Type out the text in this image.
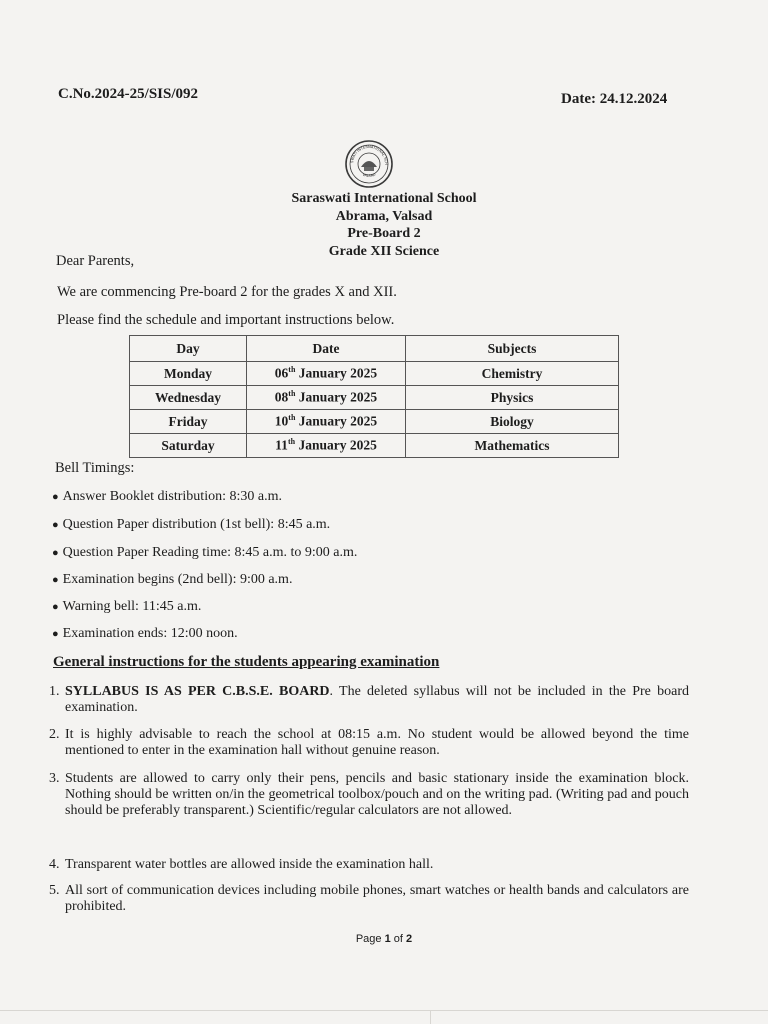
C.No.2024-25/SIS/092	Date: 24.12.2024
SWATI INTERNATIONAL SCH
VALSAD
Saraswati International School
Abrama, Valsad
Pre-Board 2
Grade XII Science
Dear Parents,
We are commencing Pre-board 2 for the grades X and XII.
Please find the schedule and important instructions below.
Day	Date	Subjects
Monday	06th January 2025	Chemistry
Wednesday	08th January 2025	Physics
Friday	10th January 2025	Biology
Saturday	11th January 2025	Mathematics
Bell Timings:
● Answer Booklet distribution: 8:30 a.m.
● Question Paper distribution (1st bell): 8:45 a.m.
● Question Paper Reading time: 8:45 a.m. to 9:00 a.m.
● Examination begins (2nd bell): 9:00 a.m.
● Warning bell: 11:45 a.m.
● Examination ends: 12:00 noon.
General instructions for the students appearing examination
1. SYLLABUS IS AS PER C.B.S.E. BOARD. The deleted syllabus will not be included in the Pre board examination.
2. It is highly advisable to reach the school at 08:15 a.m. No student would be allowed beyond the time mentioned to enter in the examination hall without genuine reason.
3. Students are allowed to carry only their pens, pencils and basic stationary inside the examination block. Nothing should be written on/in the geometrical toolbox/pouch and on the writing pad. (Writing pad and pouch should be preferably transparent.) Scientific/regular calculators are not allowed.
4. Transparent water bottles are allowed inside the examination hall.
5. All sort of communication devices including mobile phones, smart watches or health bands and calculators are prohibited.
Page 1 of 2
